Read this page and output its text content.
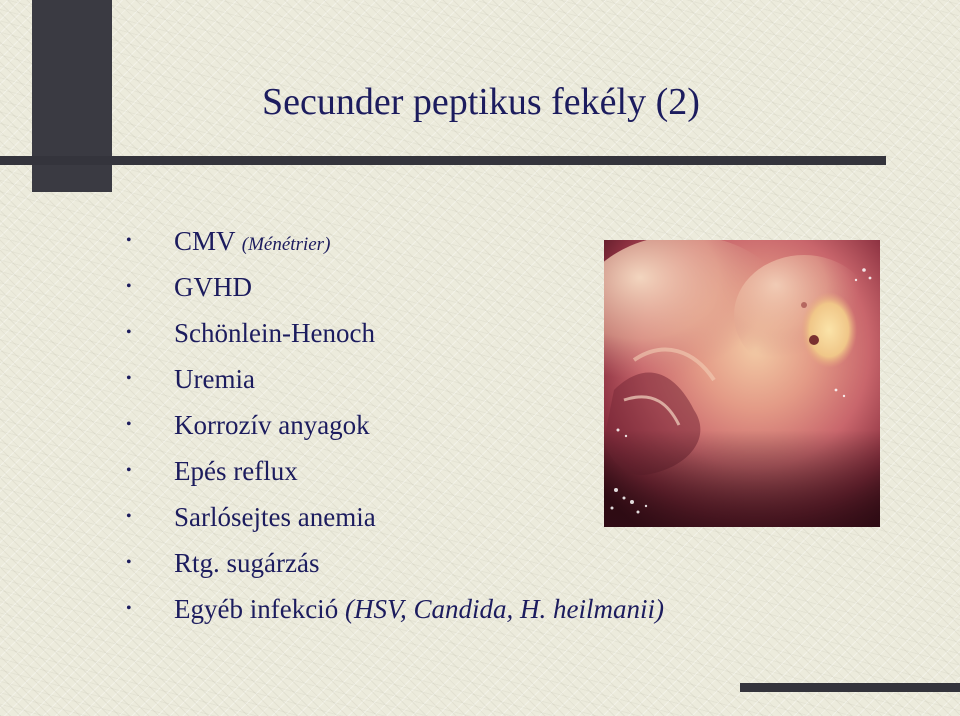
Secunder peptikus fekély (2)
• CMV (Ménétrier)
• GVHD
• Schönlein-Henoch
• Uremia
• Korrozív anyagok
• Epés reflux
• Sarlósejtes anemia
• Rtg. sugárzás
• Egyéb infekció (HSV, Candida, H. heilmanii)
